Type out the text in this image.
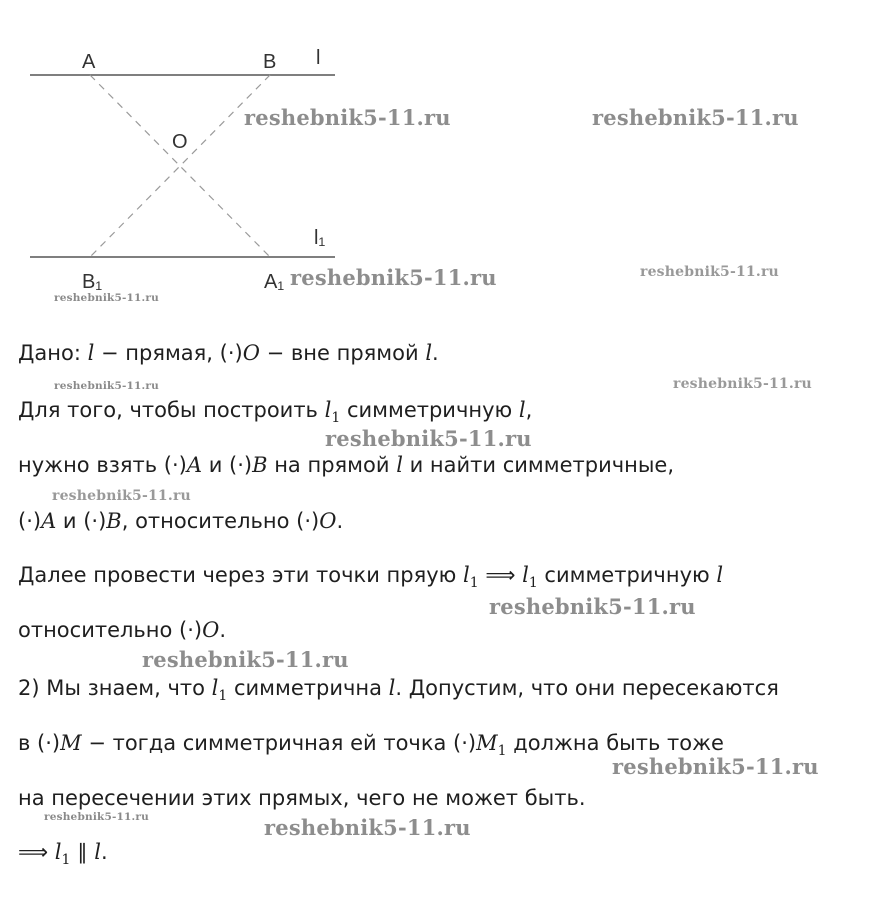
A	B l
O
l₁
B₁	A₁
reshebnik5-11.ru	reshebnik5-11.ru
reshebnik5-11.ru	reshebnik5-11.ru
reshebnik5-11.ru
reshebnik5-11.ru	reshebnik5-11.ru
reshebnik5-11.ru
reshebnik5-11.ru
reshebnik5-11.ru
reshebnik5-11.ru
reshebnik5-11.ru
reshebnik5-11.ru	reshebnik5-11.ru
Дано: l − прямая, (·)O − вне прямой l.
Для того, чтобы построить $l_1$ симметричную l,
нужно взять (·)A и (·)B на прямой l и найти симметричные,
(·)A и (·)B, относительно (·)O.
Далее провести через эти точки пряую $l_1$ ⟹ $l_1$ симметричную l
относительно (·)O.
2) Мы знаем, что $l_1$ симметрична l. Допустим, что они пересекаются
в (·)M − тогда симметричная ей точка $(\cdot)M_1$ должна быть тоже
на пересечении этих прямых, чего не может быть.
⟹ $l_1$ ∥ l.
